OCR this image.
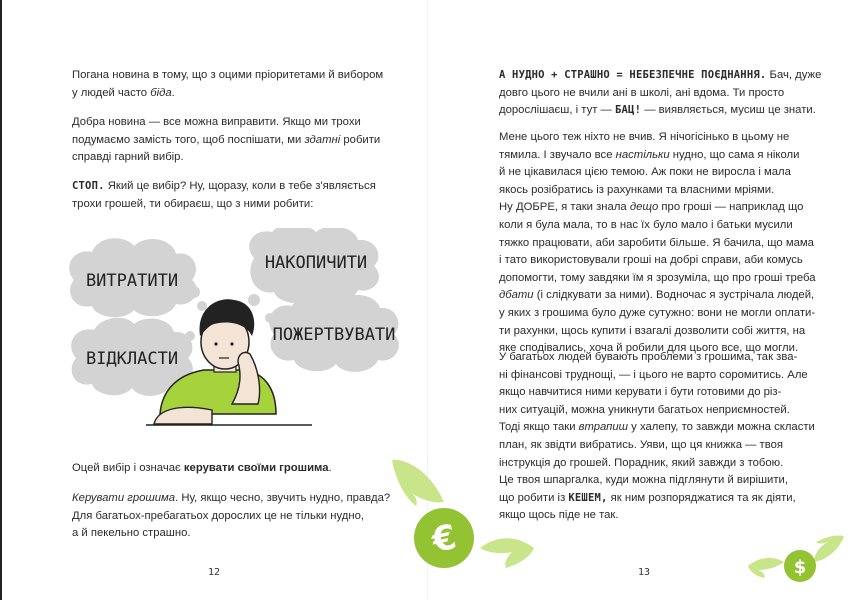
Погана новина в тому, що з оцими пріоритетами й вибором
у людей часто біда.

Добра новина — все можна виправити. Якщо ми трохи
подумаємо замість того, щоб поспішати, ми здатні робити
справді гарний вибір.

СТОП. Який це вибір? Ну, щоразу, коли в тебе з'являється
трохи грошей, ти обираєш, що з ними робити:

ВИТРАТИТИ
НАКОПИЧИТИ
ВІДКЛАСТИ
ПОЖЕРТВУВАТИ

Оцей вибір і означає керувати своїми грошима.

Керувати грошима. Ну, якщо чесно, звучить нудно, правда?
Для багатьох-пребагатьох дорослих це не тільки нудно,
а й пекельно страшно.

12

А НУДНО + СТРАШНО = НЕБЕЗПЕЧНЕ ПОЄДНАННЯ. Бач, дуже
довго цього не вчили ані в школі, ані вдома. Ти просто
дорослішаєш, і тут — БАЦ! — виявляється, мусиш це знати.

Мене цього теж ніхто не вчив. Я нічогісінько в цьому не
тямила. І звучало все настільки нудно, що сама я ніколи
й не цікавилася цією темою. Аж поки не виросла і мала
якось розібратись із рахунками та власними мріями.
Ну ДОБРЕ, я таки знала дещо про гроші — наприклад що
коли я була мала, то в нас їх було мало і батьки мусили
тяжко працювати, аби заробити більше. Я бачила, що мама
і тато використовували гроші на добрі справи, аби комусь
допомогти, тому завдяки їм я зрозуміла, що про гроші треба
дбати (і слідкувати за ними). Водночас я зустрічала людей,
у яких з грошима було дуже сутужно: вони не могли оплати-
ти рахунки, щось купити і взагалі дозволити собі життя, на
яке сподівались, хоча й робили для цього все, що могли.

У багатьох людей бувають проблеми з грошима, так зва-
ні фінансові труднощі, — і цього не варто соромитись. Але
якщо навчитися ними керувати і бути готовими до різ-
них ситуацій, можна уникнути багатьох неприємностей.
Тоді якщо таки втрапиш у халепу, то завжди можна скласти
план, як звідти вибратись. Уяви, що ця книжка — твоя
інструкція до грошей. Порадник, який завжди з тобою.
Це твоя шпаргалка, куди можна підглянути й вирішити,
що робити із КЕШЕМ, як ним розпоряджатися та як діяти,
якщо щось піде не так.

13
€
$
